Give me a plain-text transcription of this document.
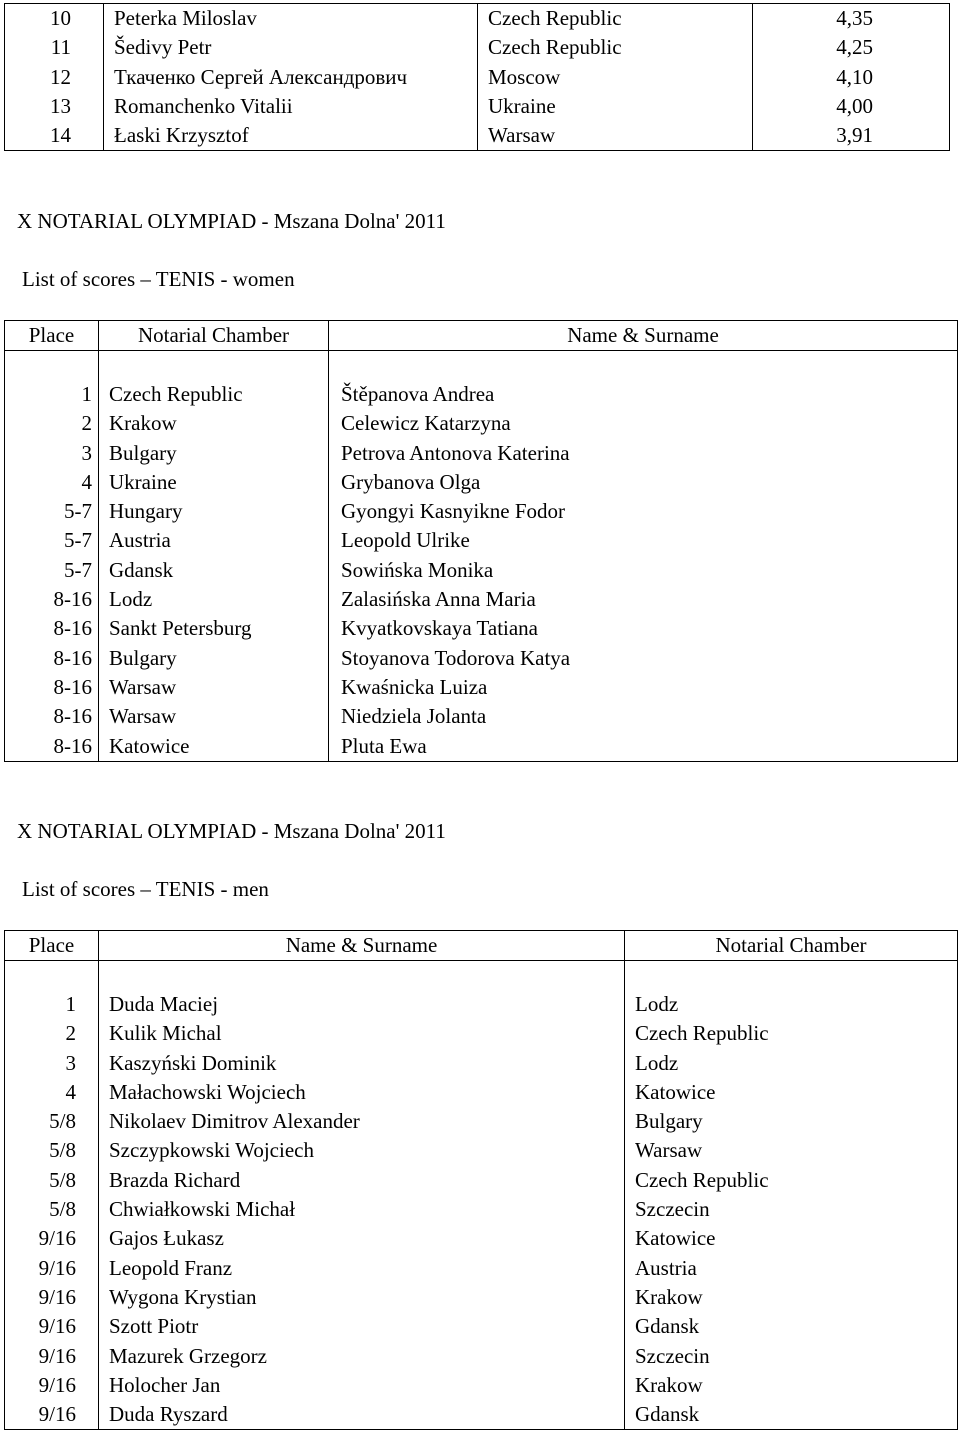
10	Peterka Miloslav	Czech Republic	4,35
11	Šedivy Petr	Czech Republic	4,25
12	Ткаченко Сергей Александрович	Moscow	4,10
13	Romanchenko Vitalii	Ukraine	4,00
14	Łaski Krzysztof	Warsaw	3,91
X NOTARIAL OLYMPIAD - Mszana Dolna' 2011
List of scores – TENIS - women
Place	Notarial Chamber	Name & Surname

1	Czech Republic	Štěpanova Andrea
2	Krakow	Celewicz Katarzyna
3	Bulgary	Petrova Antonova Katerina
4	Ukraine	Grybanova Olga
5-7	Hungary	Gyongyi Kasnyikne Fodor
5-7	Austria	Leopold Ulrike
5-7	Gdansk	Sowińska Monika
8-16	Lodz	Zalasińska Anna Maria
8-16	Sankt Petersburg	Kvyatkovskaya Tatiana
8-16	Bulgary	Stoyanova Todorova Katya
8-16	Warsaw	Kwaśnicka Luiza
8-16	Warsaw	Niedziela Jolanta
8-16	Katowice	Pluta Ewa
X NOTARIAL OLYMPIAD - Mszana Dolna' 2011
List of scores – TENIS - men
Place	Name & Surname	Notarial Chamber

1	Duda Maciej	Lodz
2	Kulik Michal	Czech Republic
3	Kaszyński Dominik	Lodz
4	Małachowski Wojciech	Katowice
5/8	Nikolaev Dimitrov Alexander	Bulgary
5/8	Szczypkowski Wojciech	Warsaw
5/8	Brazda Richard	Czech Republic
5/8	Chwiałkowski Michał	Szczecin
9/16	Gajos Łukasz	Katowice
9/16	Leopold Franz	Austria
9/16	Wygona Krystian	Krakow
9/16	Szott Piotr	Gdansk
9/16	Mazurek Grzegorz	Szczecin
9/16	Holocher Jan	Krakow
9/16	Duda Ryszard	Gdansk
